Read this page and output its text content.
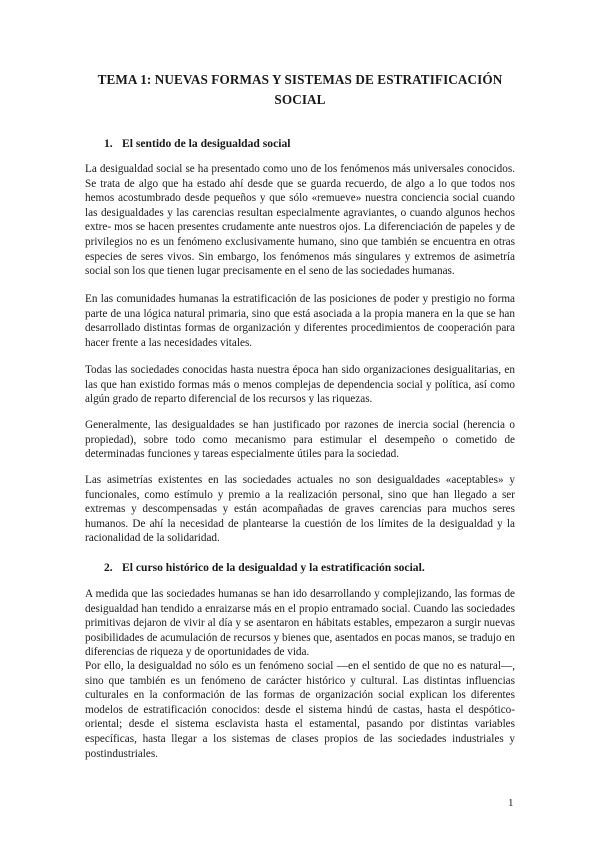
TEMA 1: NUEVAS FORMAS Y SISTEMAS DE ESTRATIFICACIÓN SOCIAL
1. El sentido de la desigualdad social

La desigualdad social se ha presentado como uno de los fenómenos más universales conocidos. Se trata de algo que ha estado ahí desde que se guarda recuerdo, de algo a lo que todos nos hemos acostumbrado desde pequeños y que sólo «remueve» nuestra conciencia social cuando las desigualdades y las carencias resultan especialmente agraviantes, o cuando algunos hechos extre- mos se hacen presentes crudamente ante nuestros ojos. La diferenciación de papeles y de privilegios no es un fenómeno exclusivamente humano, sino que también se encuentra en otras especies de seres vivos. Sin embargo, los fenómenos más singulares y extremos de asimetría social son los que tienen lugar precisamente en el seno de las sociedades humanas.

En las comunidades humanas la estratificación de las posiciones de poder y prestigio no forma parte de una lógica natural primaria, sino que está asociada a la propia manera en la que se han desarrollado distintas formas de organización y diferentes procedimientos de cooperación para hacer frente a las necesidades vitales.

Todas las sociedades conocidas hasta nuestra época han sido organizaciones desigualitarias, en las que han existido formas más o menos complejas de dependencia social y política, así como algún grado de reparto diferencial de los recursos y las riquezas.

Generalmente, las desigualdades se han justificado por razones de inercia social (herencia o propiedad), sobre todo como mecanismo para estimular el desempeño o cometido de determinadas funciones y tareas especialmente útiles para la sociedad.

Las asimetrías existentes en las sociedades actuales no son desigualdades «aceptables» y funcionales, como estímulo y premio a la realización personal, sino que han llegado a ser extremas y descompensadas y están acompañadas de graves carencias para muchos seres humanos. De ahí la necesidad de plantearse la cuestión de los límites de la desigualdad y la racionalidad de la solidaridad.

2. El curso histórico de la desigualdad y la estratificación social.

A medida que las sociedades humanas se han ido desarrollando y complejizando, las formas de desigualdad han tendido a enraizarse más en el propio entramado social. Cuando las sociedades primitivas dejaron de vivir al día y se asentaron en hábitats estables, empezaron a surgir nuevas posibilidades de acumulación de recursos y bienes que, asentados en pocas manos, se tradujo en diferencias de riqueza y de oportunidades de vida.

Por ello, la desigualdad no sólo es un fenómeno social —en el sentido de que no es natural—, sino que también es un fenómeno de carácter histórico y cultural. Las distintas influencias culturales en la conformación de las formas de organización social explican los diferentes modelos de estratificación conocidos: desde el sistema hindú de castas, hasta el despótico-oriental; desde el sistema esclavista hasta el estamental, pasando por distintas variables específicas, hasta llegar a los sistemas de clases propios de las sociedades industriales y postindustriales.

1
